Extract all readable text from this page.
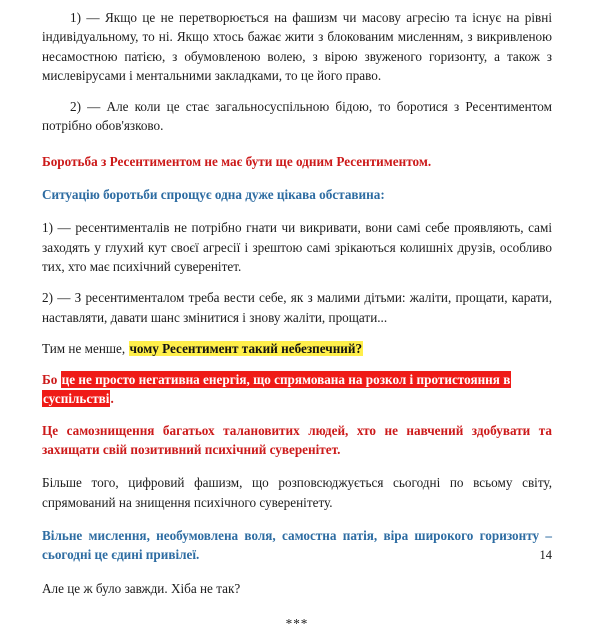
1) — Якщо це не перетворюється на фашизм чи масову агресію та існує на рівні індивідуальному, то ні. Якщо хтось бажає жити з блокованим мисленням, з викривленою несамостною патією, з обумовленою волею, з вірою звуженого горизонту, а також з мислевірусами і ментальними закладками, то це його право.

2) — Але коли це стає загальносуспільною бідою, то боротися з Ресентиментом потрібно обов'язково.

Боротьба з Ресентиментом не має бути ще одним Ресентиментом.

Ситуацію боротьби спрощує одна дуже цікава обставина:

1) — ресентименталів не потрібно гнати чи викривати, вони самі себе проявляють, самі заходять у глухий кут своєї агресії і зрештою самі зрікаються колишніх друзів, особливо тих, хто має психічний суверенітет.

2) — З ресентименталом треба вести себе, як з малими дітьми: жаліти, прощати, карати, наставляти, давати шанс змінитися і знову жаліти, прощати...

Тим не менше, чому Ресентимент такий небезпечний?

Бо це не просто негативна енергія, що спрямована на розкол і протистояння в
суспільстві.

Це самознищення багатьох талановитих людей, хто не навчений здобувати та захищати свій позитивний психічний суверенітет.

Більше того, цифровий фашизм, що розповсюджується сьогодні по всьому світу, спрямований на знищення психічного суверенітету.

Вільне мислення, необумовлена воля, самостна патія, віра широкого горизонту – сьогодні це єдині привілеї.

Але це ж було завжди. Хіба не так?

***
14
